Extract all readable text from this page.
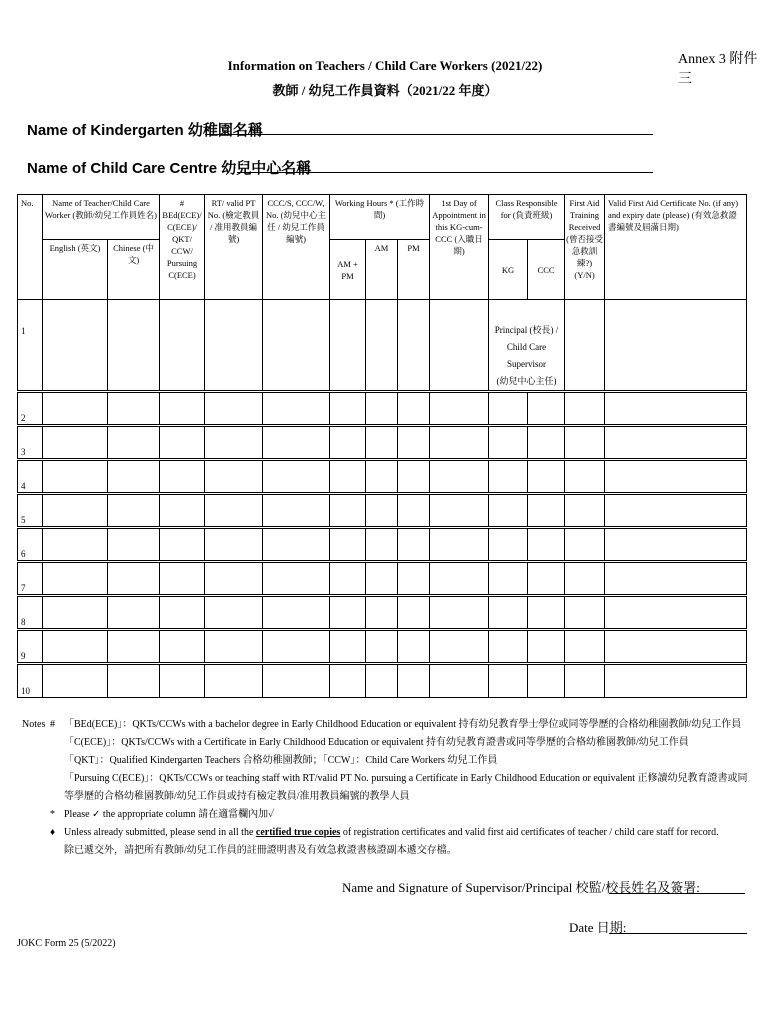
Annex 3 附件三
Information on Teachers / Child Care Workers (2021/22)
教師 / 幼兒工作員資料（2021/22 年度）
Name of Kindergarten 幼稚園名稱
Name of Child Care Centre 幼兒中心名稱
No.	Name of Teacher/Child Care Worker (教師/幼兒工作員姓名)		# BEd(ECE)/ C(ECE)/ QKT/ CCW/ Pursuing C(ECE)	RT/ valid PT No. (檢定教員 / 准用教員編號)	CCC/S, CCC/W, No. (幼兒中心主任 / 幼兒工作員編號)	Working Hours * (工作時間)			1st Day of Appointment in this KG-cum-CCC (入職日期)	Class Responsible for (負責班級)		First Aid Training Received (曾否接受急救訓練?) (Y/N)	Valid First Aid Certificate No. (if any) and expiry date (please) (有效急救證書編號及屆滿日期)
	English (英文)	Chinese (中文)				AM + PM	AM	PM		KG	CCC		
1										Principal (校長) /
Child Care
Supervisor
(幼兒中心主任)			

2													
3													
4													
5													
6													
7													
8													
9													
10													
Notes # 「BEd(ECE)」：QKTs/CCWs with a bachelor degree in Early Childhood Education or equivalent 持有幼兒教育學士學位或同等學歷的合格幼稚園教師/幼兒工作員
「C(ECE)」：QKTs/CCWs with a Certificate in Early Childhood Education or equivalent 持有幼兒教育證書或同等學歷的合格幼稚園教師/幼兒工作員
「QKT」：Qualified Kindergarten Teachers 合格幼稚園教師；「CCW」：Child Care Workers 幼兒工作員
「Pursuing C(ECE)」：QKTs/CCWs or teaching staff with RT/valid PT No. pursuing a Certificate in Early Childhood Education or equivalent 正修讀幼兒教育證書或同等學歷的合格幼稚園教師/幼兒工作員或持有檢定教員/准用教員編號的教學人員
* Please ✓ the appropriate column 請在適當欄內加✓
♦ Unless already submitted, please send in all the certified true copies of registration certificates and valid first aid certificates of teacher / child care staff for record.
除已遞交外，請把所有教師/幼兒工作員的註冊證明書及有效急救證書核證副本遞交存檔。
Name and Signature of Supervisor/Principal 校監/校長姓名及簽署:
Date 日期:
JOKC Form 25 (5/2022)
